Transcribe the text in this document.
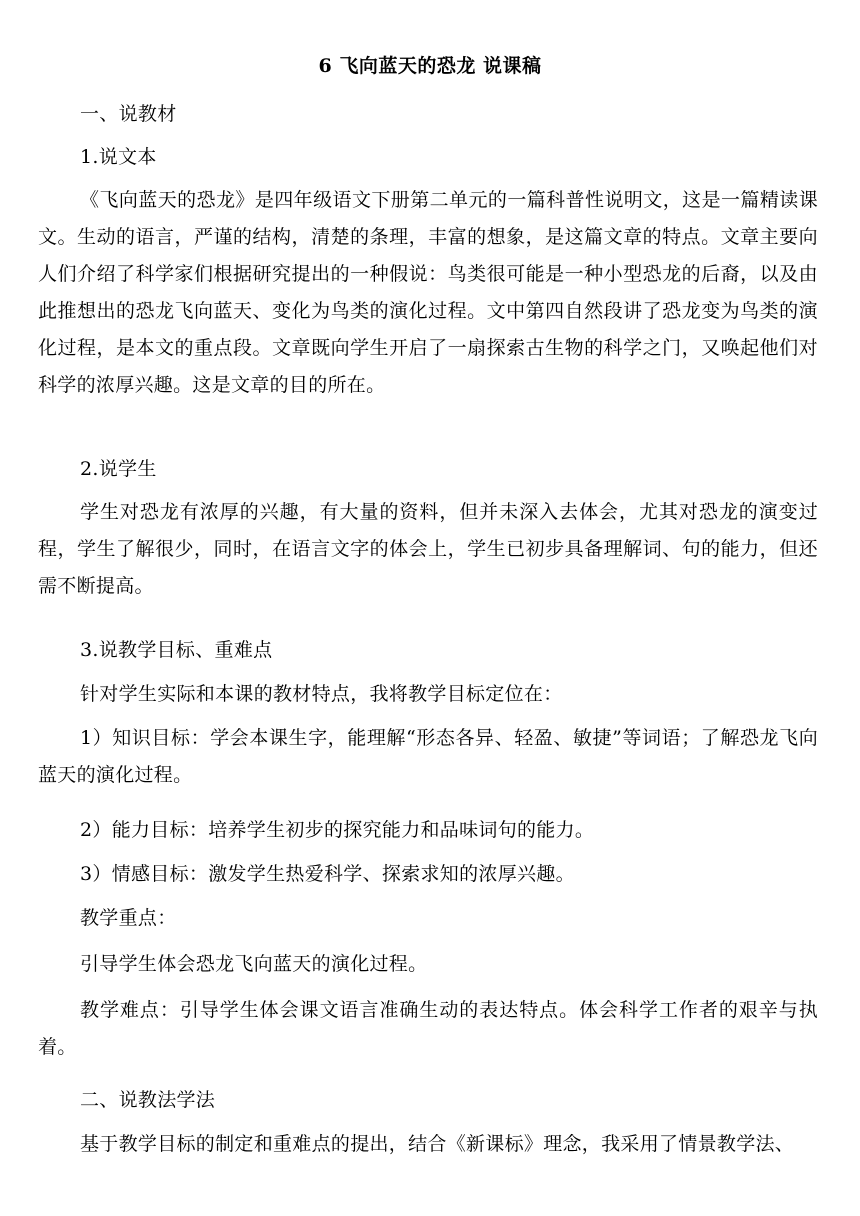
6 飞向蓝天的恐龙 说课稿

一、说教材

1.说文本

《飞向蓝天的恐龙》是四年级语文下册第二单元的一篇科普性说明文，这是一篇精读课文。生动的语言，严谨的结构，清楚的条理，丰富的想象，是这篇文章的特点。文章主要向人们介绍了科学家们根据研究提出的一种假说：鸟类很可能是一种小型恐龙的后裔，以及由此推想出的恐龙飞向蓝天、变化为鸟类的演化过程。文中第四自然段讲了恐龙变为鸟类的演化过程，是本文的重点段。文章既向学生开启了一扇探索古生物的科学之门，又唤起他们对科学的浓厚兴趣。这是文章的目的所在。

2.说学生

学生对恐龙有浓厚的兴趣，有大量的资料，但并未深入去体会，尤其对恐龙的演变过程，学生了解很少，同时，在语言文字的体会上，学生已初步具备理解词、句的能力，但还需不断提高。

3.说教学目标、重难点

针对学生实际和本课的教材特点，我将教学目标定位在：

1）知识目标：学会本课生字，能理解“形态各异、轻盈、敏捷”等词语；了解恐龙飞向蓝天的演化过程。

2）能力目标：培养学生初步的探究能力和品味词句的能力。

3）情感目标：激发学生热爱科学、探索求知的浓厚兴趣。

教学重点：

引导学生体会恐龙飞向蓝天的演化过程。

教学难点：引导学生体会课文语言准确生动的表达特点。体会科学工作者的艰辛与执着。

二、说教法学法

基于教学目标的制定和重难点的提出，结合《新课标》理念，我采用了情景教学法、
